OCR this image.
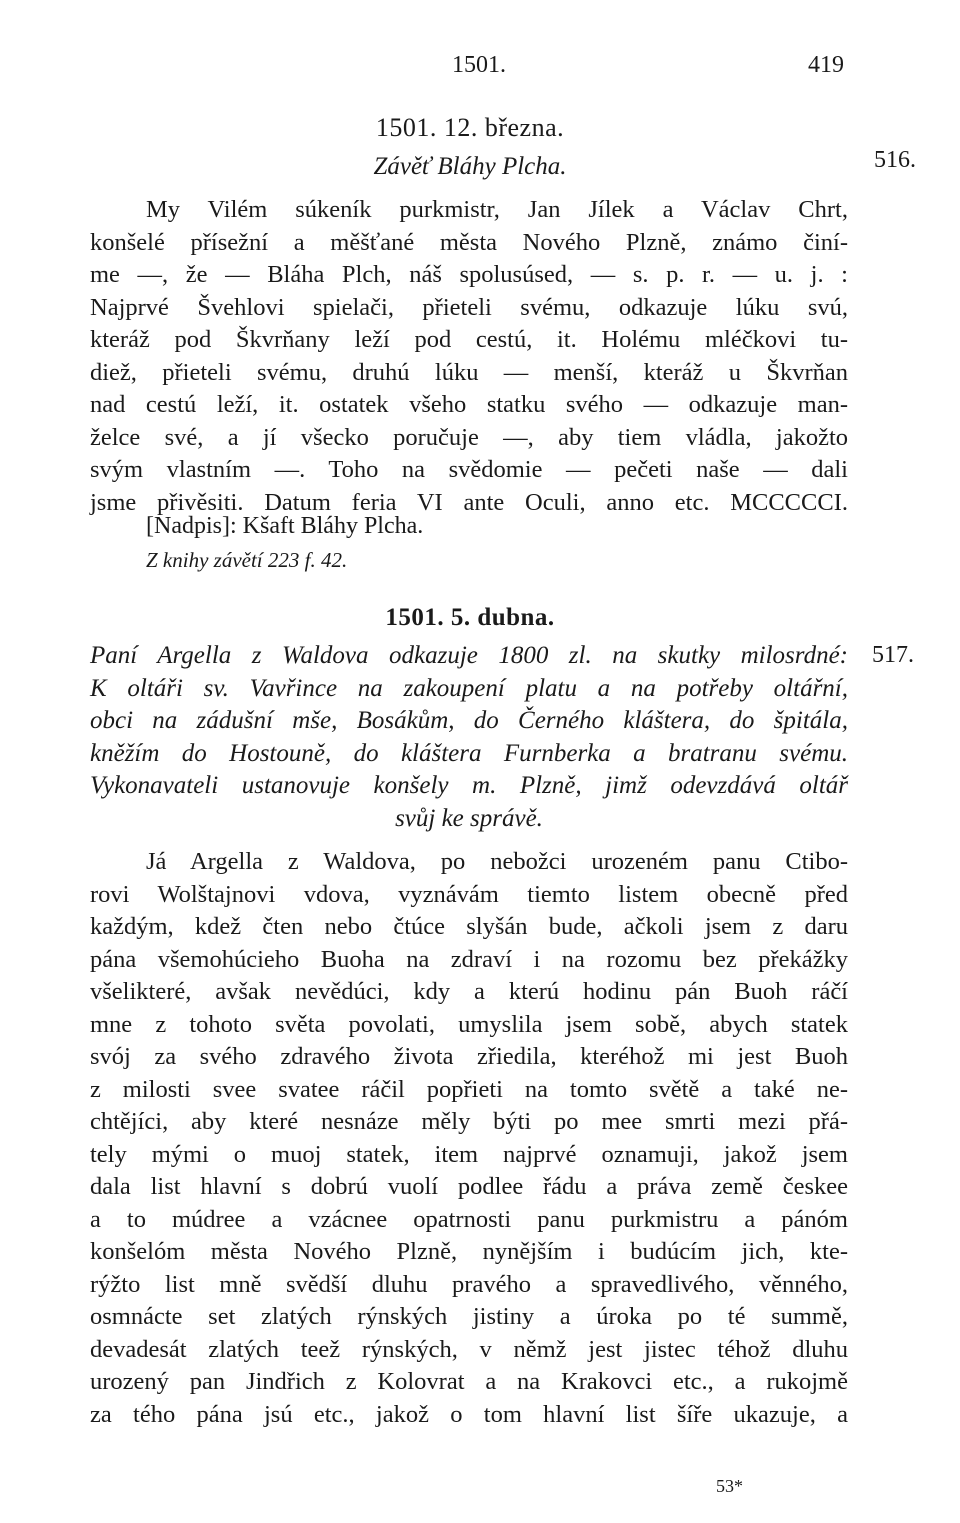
1501.	419
1501. 12. března.
Závěť Bláhy Plcha.	516.
My Vilém súkeník purkmistr, Jan Jílek a Václav Chrt,
konšelé přísežní a měšťané města Nového Plzně, známo činí-
me —, že — Bláha Plch, náš spolusúsed, — s. p. r. — u. j. :
Najprvé Švehlovi spielači, přieteli svému, odkazuje lúku svú,
kteráž pod Škvrňany leží pod cestú, it. Holému mléčkovi tu-
diež, přieteli svému, druhú lúku — menší, kteráž u Škvrňan
nad cestú leží, it. ostatek všeho statku svého — odkazuje man-
želce své, a jí všecko poručuje —, aby tiem vládla, jakožto
svým vlastním —. Toho na svědomie — pečeti naše — dali
jsme přivěsiti. Datum feria VI ante Oculi, anno etc. MCCCCCI.
[Nadpis]: Kšaft Bláhy Plcha.
Z knihy závětí 223 f. 42.
1501. 5. dubna.
517.
Paní Argella z Waldova odkazuje 1800 zl. na skutky milosrdné:
K oltáři sv. Vavřince na zakoupení platu a na potřeby oltářní,
obci na zádušní mše, Bosákům, do Černého kláštera, do špitála,
kněžím do Hostouně, do kláštera Furnberka a bratranu svému.
Vykonavateli ustanovuje konšely m. Plzně, jimž odevzdává oltář
svůj ke správě.
Já Argella z Waldova, po nebožci urozeném panu Ctibo-
rovi Wolštajnovi vdova, vyznávám tiemto listem obecně před
každým, kdež čten nebo čtúce slyšán bude, ačkoli jsem z daru
pána všemohúcieho Buoha na zdraví i na rozomu bez překážky
všelikteré, avšak nevědúci, kdy a kterú hodinu pán Buoh ráčí
mne z tohoto světa povolati, umyslila jsem sobě, abych statek
svój za svého zdravého života zřiedila, kteréhož mi jest Buoh
z milosti svee svatee ráčil popřieti na tomto světě a také ne-
chtějíci, aby které nesnáze měly býti po mee smrti mezi přá-
tely mými o muoj statek, item najprvé oznamuji, jakož jsem
dala list hlavní s dobrú vuolí podlee řádu a práva země českee
a to múdree a vzácnee opatrnosti panu purkmistru a pánóm
konšelóm města Nového Plzně, nynějším i budúcím jich, kte-
rýžto list mně svědší dluhu pravého a spravedlivého, věnného,
osmnácte set zlatých rýnských jistiny a úroka po té summě,
devadesát zlatých teež rýnských, v němž jest jistec téhož dluhu
urozený pan Jindřich z Kolovrat a na Krakovci etc., a rukojmě
za tého pána jsú etc., jakož o tom hlavní list šíře ukazuje, a
53*
